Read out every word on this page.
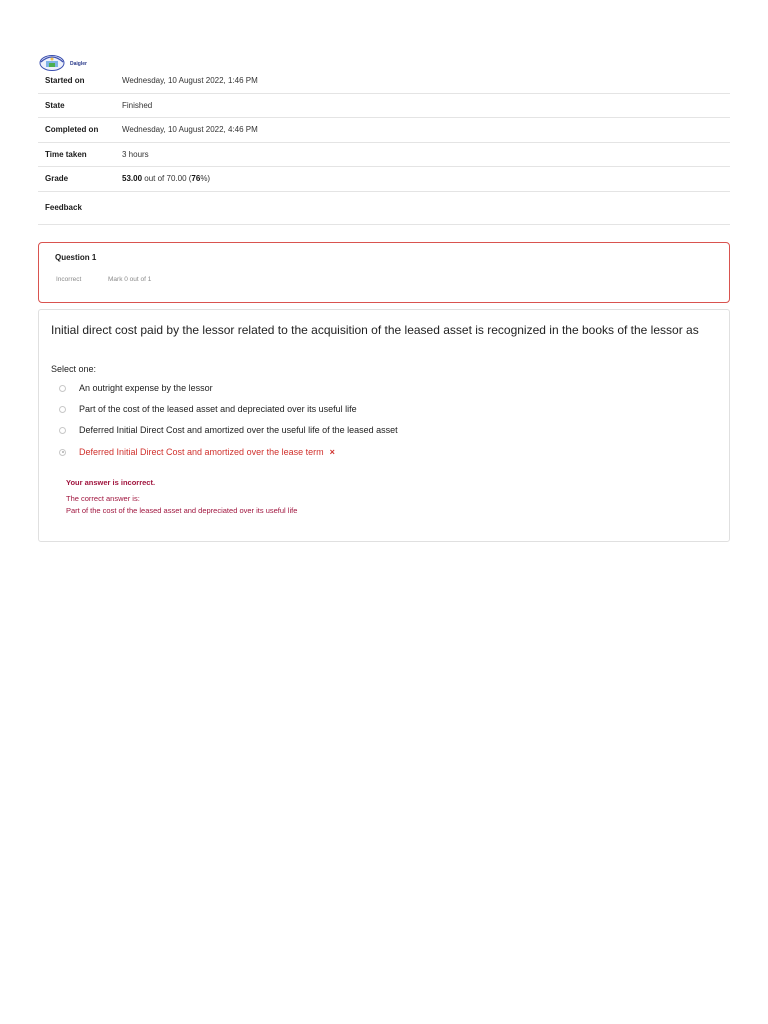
Daigler
Started on	Wednesday, 10 August 2022, 1:46 PM
State	Finished
Completed on	Wednesday, 10 August 2022, 4:46 PM
Time taken	3 hours
Grade	53.00 out of 70.00 (76%)
Feedback
Question 1
Incorrect	Mark 0 out of 1
Initial direct cost paid by the lessor related to the acquisition of the leased asset is recognized in the books of the lessor as
Select one:
An outright expense by the lessor
Part of the cost of the leased asset and depreciated over its useful life
Deferred Initial Direct Cost and amortized over the useful life of the leased asset
Deferred Initial Direct Cost and amortized over the lease term ×
Your answer is incorrect.
The correct answer is:
Part of the cost of the leased asset and depreciated over its useful life
